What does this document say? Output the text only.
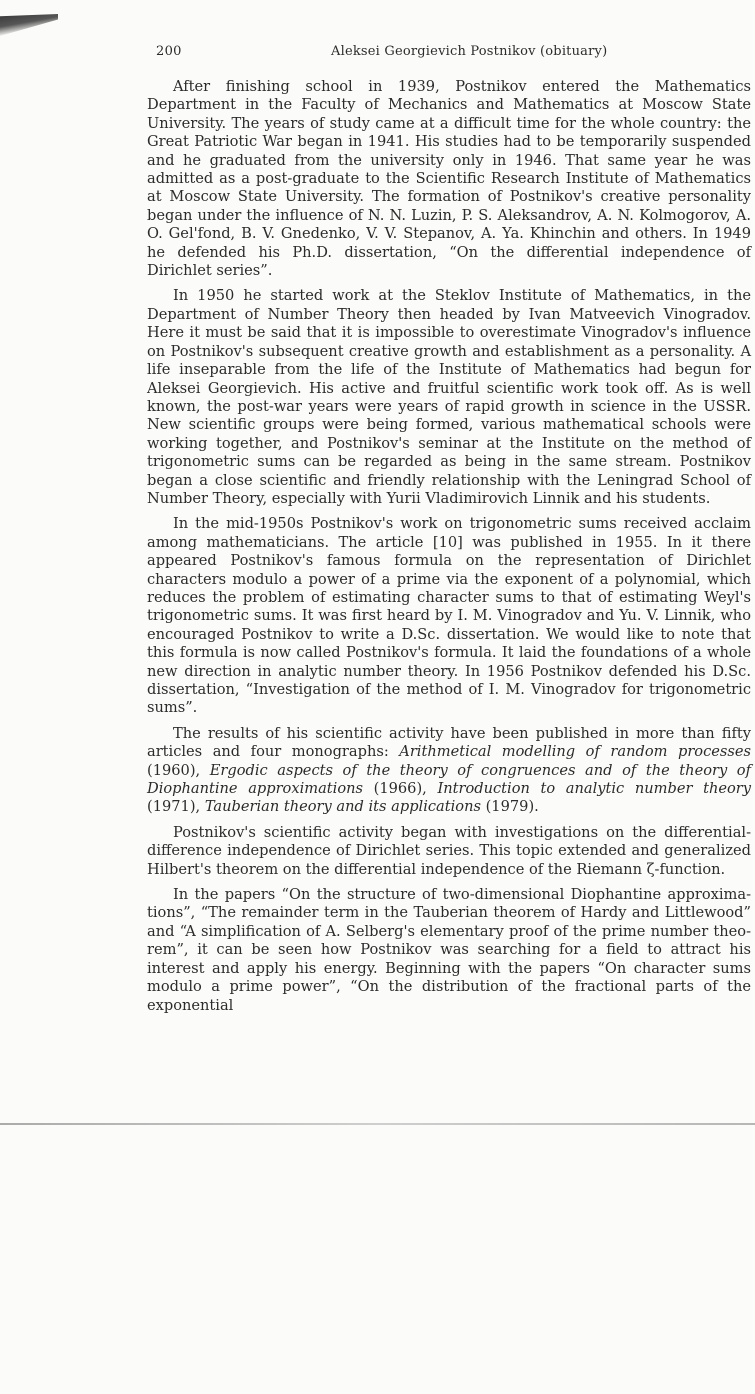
200	Aleksei Georgievich Postnikov (obituary)

After finishing school in 1939, Postnikov entered the Mathematics Department in the Faculty of Mechanics and Mathematics at Moscow State University. The years of study came at a difficult time for the whole country: the Great Patriotic War began in 1941. His studies had to be temporarily suspended and he graduated from the university only in 1946. That same year he was admitted as a post-graduate to the Scientific Research Institute of Mathematics at Moscow State University. The formation of Postnikov's creative personality began under the influence of N. N. Luzin, P. S. Aleksandrov, A. N. Kolmogorov, A. O. Gel'fond, B. V. Gnedenko, V. V. Stepanov, A. Ya. Khinchin and others. In 1949 he defended his Ph.D. dissertation, “On the differential independence of Dirichlet series”.

In 1950 he started work at the Steklov Institute of Mathematics, in the Department of Number Theory then headed by Ivan Matveevich Vinogradov. Here it must be said that it is impossible to overestimate Vinogradov's influence on Postnikov's subsequent creative growth and establishment as a personality. A life inseparable from the life of the Institute of Mathematics had begun for Aleksei Georgievich. His active and fruitful scientific work took off. As is well known, the post-war years were years of rapid growth in science in the USSR. New scientific groups were being formed, various mathematical schools were working together, and Postnikov's seminar at the Institute on the method of trigonometric sums can be regarded as being in the same stream. Postnikov began a close scientific and friendly relationship with the Leningrad School of Number Theory, especially with Yurii Vladimirovich Linnik and his students.

In the mid-1950s Postnikov's work on trigonometric sums received acclaim among mathematicians. The article [10] was published in 1955. In it there appeared Postnikov's famous formula on the representation of Dirichlet characters modulo a power of a prime via the exponent of a polynomial, which reduces the problem of estimating character sums to that of estimating Weyl's trigonometric sums. It was first heard by I. M. Vinogradov and Yu. V. Linnik, who encouraged Postnikov to write a D.Sc. dissertation. We would like to note that this formula is now called Postnikov's formula. It laid the foundations of a whole new direction in analytic number theory. In 1956 Postnikov defended his D.Sc. dissertation, “Investigation of the method of I. M. Vinogradov for trigonometric sums”.

The results of his scientific activity have been published in more than fifty articles and four monographs: Arithmetical modelling of random processes (1960), Ergodic aspects of the theory of congruences and of the theory of Diophantine approximations (1966), Introduction to analytic number theory (1971), Tauberian theory and its applications (1979).

Postnikov's scientific activity began with investigations on the differential-difference independence of Dirichlet series. This topic extended and generalized Hilbert's theorem on the differential independence of the Riemann ζ-function.

In the papers “On the structure of two-dimensional Diophantine approximations”, “The remainder term in the Tauberian theorem of Hardy and Littlewood” and “A simplification of A. Selberg's elementary proof of the prime number theorem”, it can be seen how Postnikov was searching for a field to attract his interest and apply his energy. Beginning with the papers “On character sums modulo a prime power”, “On the distribution of the fractional parts of the exponential
